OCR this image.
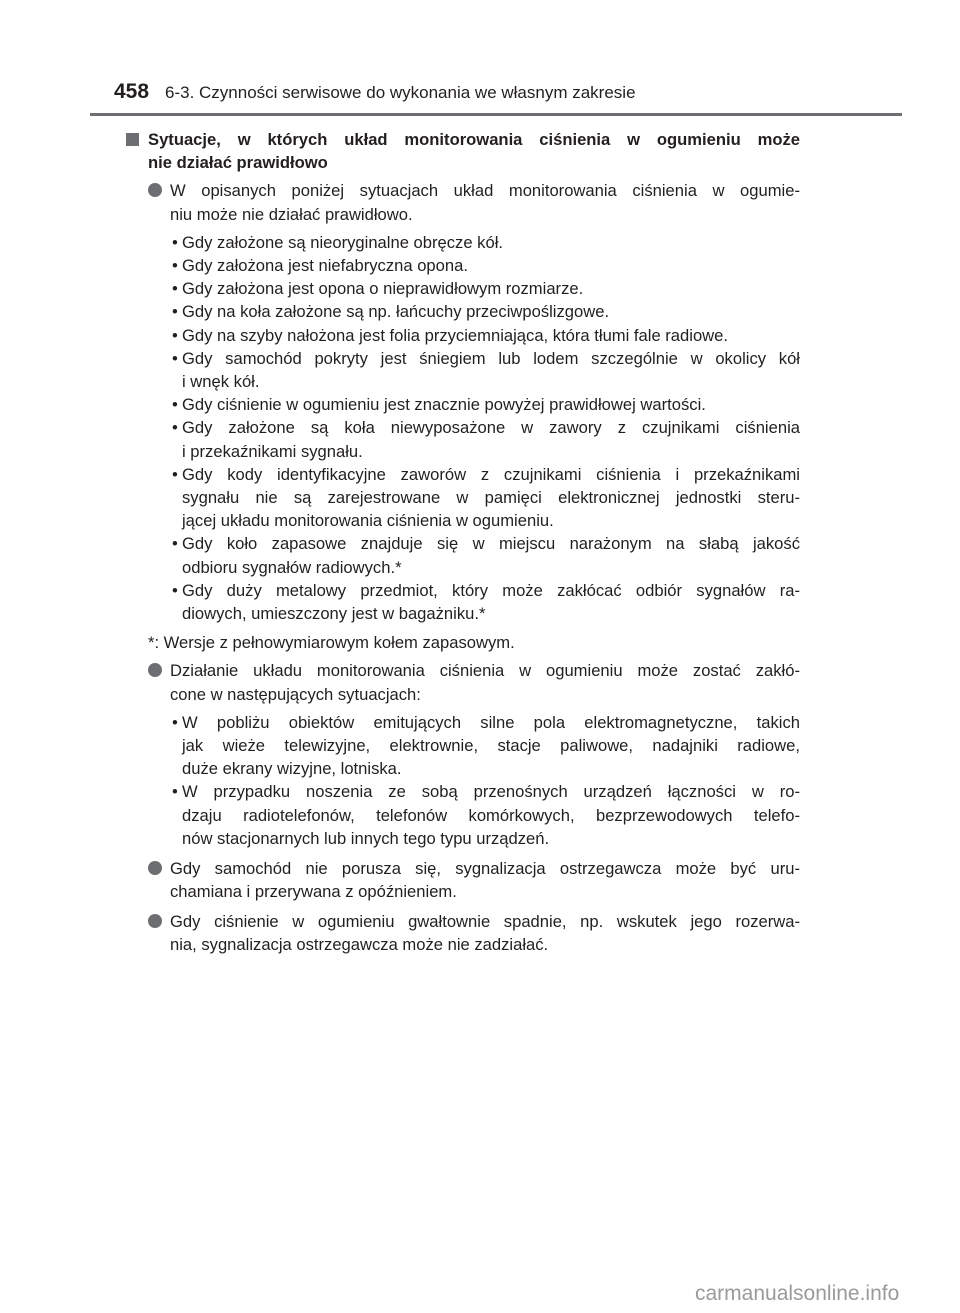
458 6-3. Czynności serwisowe do wykonania we własnym zakresie
Sytuacje, w których układ monitorowania ciśnienia w ogumieniu może
nie działać prawidłowo
W opisanych poniżej sytuacjach układ monitorowania ciśnienia w ogumie-
niu może nie działać prawidłowo.
• Gdy założone są nieoryginalne obręcze kół.
• Gdy założona jest niefabryczna opona.
• Gdy założona jest opona o nieprawidłowym rozmiarze.
• Gdy na koła założone są np. łańcuchy przeciwpoślizgowe.
• Gdy na szyby nałożona jest folia przyciemniająca, która tłumi fale radiowe.
• Gdy samochód pokryty jest śniegiem lub lodem szczególnie w okolicy kół
i wnęk kół.
• Gdy ciśnienie w ogumieniu jest znacznie powyżej prawidłowej wartości.
• Gdy założone są koła niewyposażone w zawory z czujnikami ciśnienia
i przekaźnikami sygnału.
• Gdy kody identyfikacyjne zaworów z czujnikami ciśnienia i przekaźnikami
sygnału nie są zarejestrowane w pamięci elektronicznej jednostki steru-
jącej układu monitorowania ciśnienia w ogumieniu.
• Gdy koło zapasowe znajduje się w miejscu narażonym na słabą jakość
odbioru sygnałów radiowych.*
• Gdy duży metalowy przedmiot, który może zakłócać odbiór sygnałów ra-
diowych, umieszczony jest w bagażniku.*
*: Wersje z pełnowymiarowym kołem zapasowym.
Działanie układu monitorowania ciśnienia w ogumieniu może zostać zakłó-
cone w następujących sytuacjach:
• W pobliżu obiektów emitujących silne pola elektromagnetyczne, takich
jak wieże telewizyjne, elektrownie, stacje paliwowe, nadajniki radiowe,
duże ekrany wizyjne, lotniska.
• W przypadku noszenia ze sobą przenośnych urządzeń łączności w ro-
dzaju radiotelefonów, telefonów komórkowych, bezprzewodowych telefo-
nów stacjonarnych lub innych tego typu urządzeń.
Gdy samochód nie porusza się, sygnalizacja ostrzegawcza może być uru-
chamiana i przerywana z opóźnieniem.
Gdy ciśnienie w ogumieniu gwałtownie spadnie, np. wskutek jego rozerwa-
nia, sygnalizacja ostrzegawcza może nie zadziałać.
carmanualsonline.info
